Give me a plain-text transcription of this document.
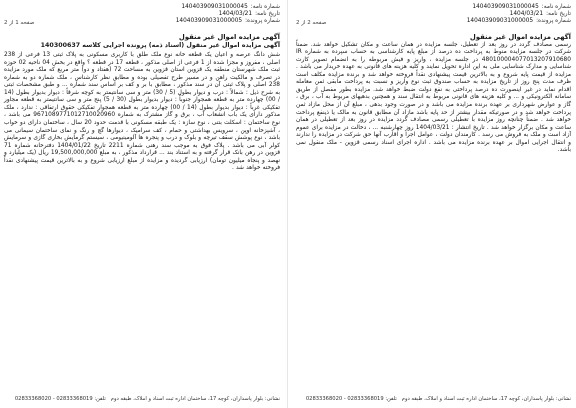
شماره نامه:
140403909031000045
تاریخ نامه:
1404/03/21
شماره پرونده:
140403909031000005
صفحه 1 از 2
آگهی مزایده اموال غیر منقول
آگهی مزایده اموال غیر منقول (اسناد ذمه) پرونده اجرایی کلاسه 140300637
شش دانگ عرصه و اعیان یک قطعه خانه نوع ملک طلق با کاربری مسکونی به پلاک ثبتی 13 فرعی از 238 اصلی ، مفروز و مجزا شده از 1 فرعی از اصلی مذکور ، قطعه 17 در قطعه ؟ واقع در بخش 04 ناحیه 02 حوزه ثبت ملک شهرستان منطقه یک قزوین استان قزوین به مساحت 72 (هفتاد و دو) متر مربع که ملک مورد مزایده در تصرف و مالکیت راهن و در مسیر طرح تفصیلی بوده و مطابق نظر کارشناس ، ملک شماره دو به شماره 238 اصلی و پلاک ثبتی آن در سند مذکور ، مطابق با بر و کف بر اساس سند شماره ... و طبق مشخصات ثبتی به شرح ذیل : شمالاً : درب و دیوار بطول (5 / 30) متر و سی سانتیمتر به کوچه شرقاً : دیوار بدیوار بطول (14 / 00) چهارده متر به قطعه همجوار جنوباً : دیوار بدیوار بطول (30 / 5) پنج متر و سی سانتیمتر به قطعه مجاور تفکیکی غرباً : دیوار بدیوار بطول (14 / 00) چهارده متر به قطعه همجوار تفکیکی حقوق ارتفاقی : ندارد ، ملک مذکور دارای یک باب انشعاب آب ، برق و گاز مشترک به شماره 9671089771012710020960 می باشد ، نوع ساختمان : اسکلت بتنی ، نوع سازه : یک طبقه مسکونی با قدمت حدود 20 سال ، ساختمان دارای دو خواب ، آشپزخانه اوپن ، سرویس بهداشتی و حمام ، کف سرامیک ، دیوارها گچ و رنگ و نمای ساختمان سیمانی می باشد ، نوع پوشش سقف تیرچه و بلوک و درب و پنجره ها آلومینیومی ، سیستم گرمایش بخاری گازی و سرمایش کولر آبی می باشد . پلاک فوق به موجب سند رهنی شماره 2211 تاریخ 1404/01/22 دفترخانه شماره 71 قزوین در رهن بانک قرار گرفته و به استناد بند ... قرارداد مذکور ، به مبلغ 19,500,000,000 ریال (یک میلیارد و نهصد و پنجاه میلیون تومان) ارزیابی گردیده و مزایده از مبلغ ارزیابی شروع و به بالاترین قیمت پیشنهادی نقداً فروخته خواهد شد .
نشانی: بلوار پاسداران، کوچه 17، ساختمان اداره ثبت اسناد و املاک، طبقه دوم   تلفن: 02833368019 - 02833368020
شماره نامه:
140403909031000045
تاریخ نامه:
1404/03/21
شماره پرونده:
140403909031000005
صفحه 2 از 2
آگهی مزایده اموال غیر منقول
رسمی مصادف گردد در روز بعد از تعطیل، جلسه مزایده در همان ساعت و مکان تشکیل خواهد شد. ضمناً شرکت در جلسه مزایده منوط به پرداخت ده درصد از مبلغ پایه کارشناسی به حساب سپرده به شماره IR 480100004077013207910680 در جلسه مزایده ، واریز و فیش مربوطه را به انضمام تصویر کارت شناسایی و مدارک شناسایی ملی به این اداره تحویل نمایند و کلیه هزینه های قانونی به عهده خریدار می باشد . مزایده از قیمت پایه شروع و به بالاترین قیمت پیشنهادی نقداً فروخته خواهد شد و برنده مزایده مکلف است ظرف مدت پنج روز از تاریخ مزایده به حساب صندوق ثبت نوع واریز و نسبت به پرداخت مابقی ثمن معامله اقدام نماید در غیر اینصورت ده درصد پرداختی به نفع دولت ضبط خواهد شد. مزایده بطور مفصل از طریق سامانه الکترونیکی و ... و کلیه هزینه های قانونی مربوط به انتقال سند و همچنین بدهیهای مربوط به آب ، برق ، گاز و عوارض شهرداری بر عهده برنده مزایده می باشد و در صورت وجود بدهی ، مبلغ آن از محل مازاد ثمن پرداخت خواهد شد و در صورتیکه مقدار بیشتر از حد پایه باشد مازاد آن مطابق قانون به مالک یا ذینفع پرداخت خواهد شد . ضمناً چنانچه روز مزایده با تعطیلی رسمی مصادف گردد مزایده در روز بعد از تعطیلی در همان ساعت و مکان برگزار خواهد شد . تاریخ انتشار : 1404/03/21 روز چهارشنبه ... ، دخالت در مزایده برای عموم آزاد است و ملک به فروش می رسد . کارمندان دولت ، عوامل اجرا و اقارب آنها حق شرکت در مزایده را ندارند و انتقال اجرایی اموال بر عهده برنده مزایده می باشد . اداره اجرای اسناد رسمی قزوین - ملک منقول نمی باشد.
نشانی: بلوار پاسداران، کوچه 17، ساختمان اداره ثبت اسناد و املاک، طبقه دوم   تلفن: 02833368019 - 02833368020
